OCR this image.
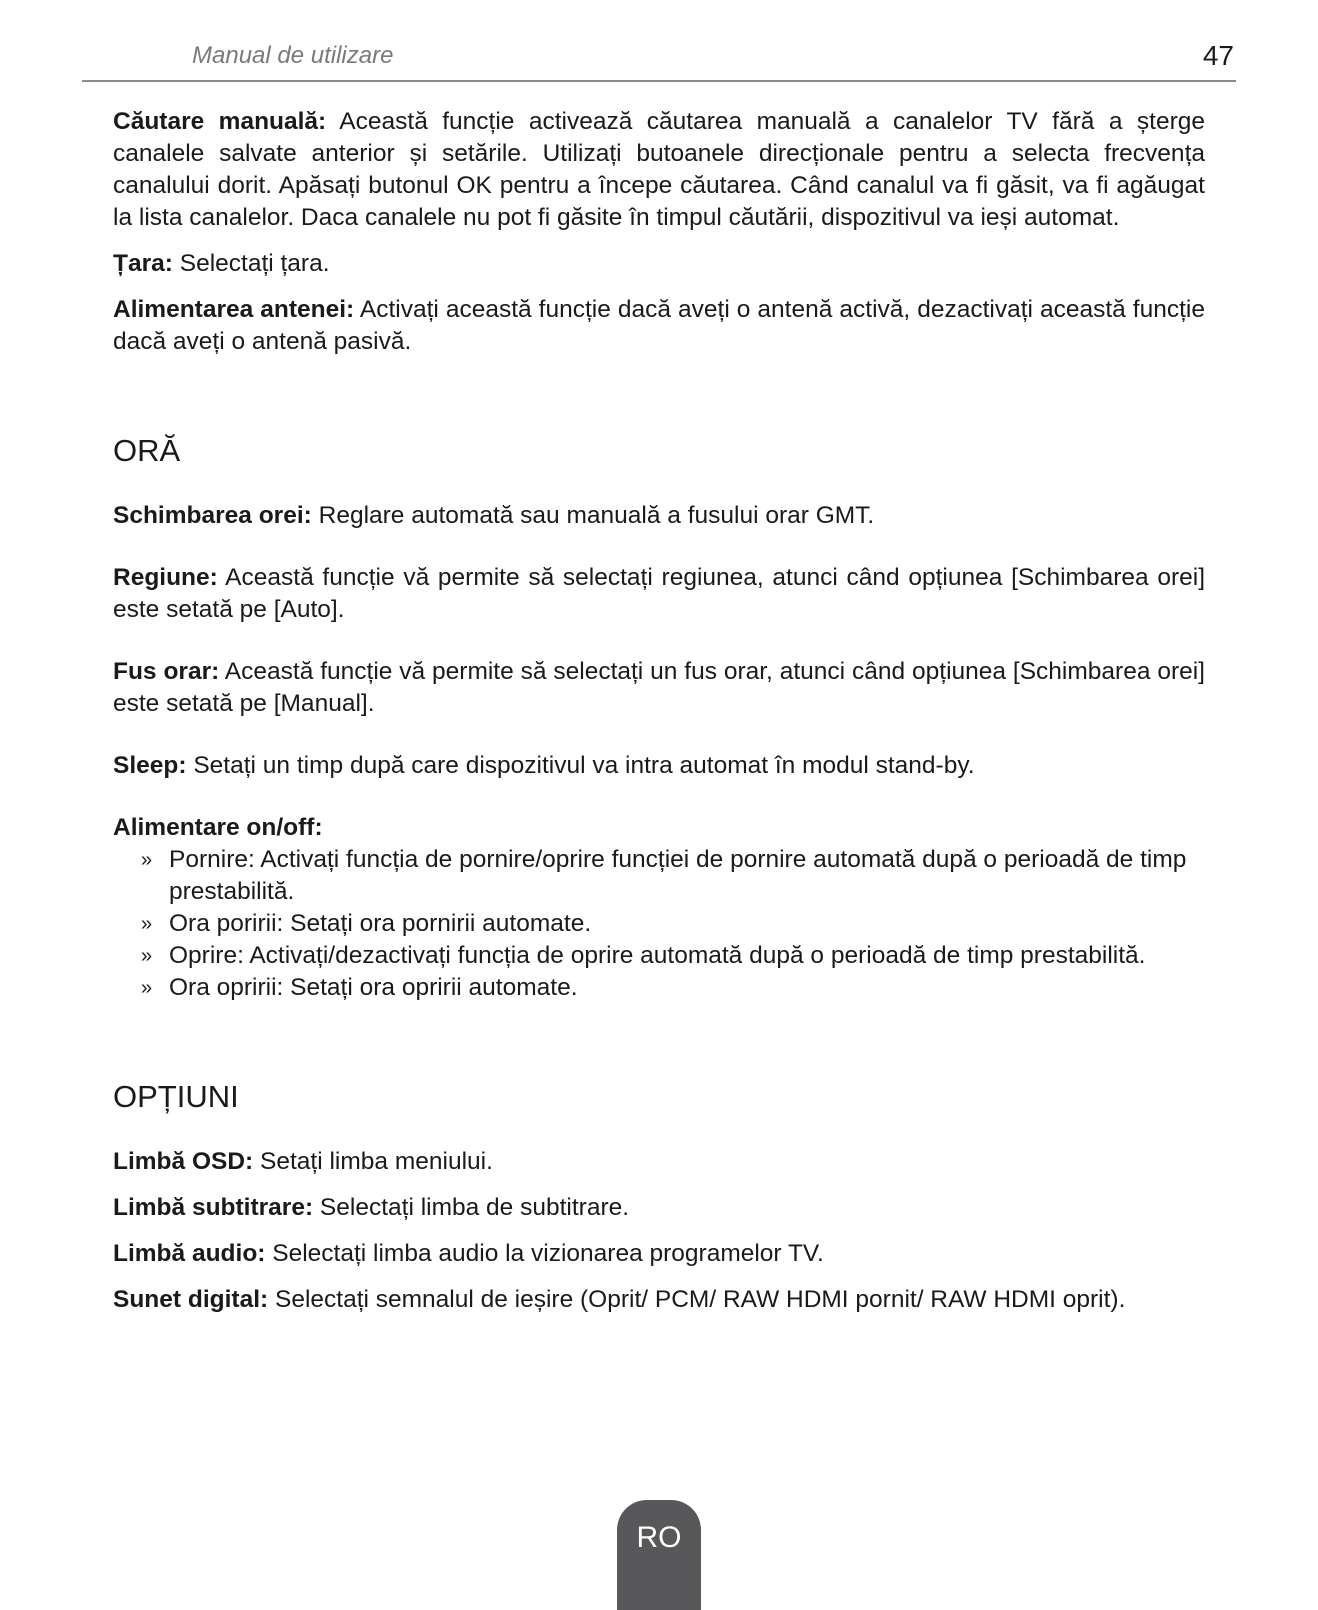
Manual de utilizare	47

Căutare manuală: Această funcție activează căutarea manuală a canalelor TV fără a șterge canalele salvate anterior și setările. Utilizați butoanele direcționale pentru a selecta frecvența canalului dorit. Apăsați butonul OK pentru a începe căutarea. Când canalul va fi găsit, va fi agăugat la lista canalelor. Daca canalele nu pot fi găsite în timpul căutării, dispozitivul va ieși automat.

Țara: Selectați țara.

Alimentarea antenei: Activați această funcție dacă aveți o antenă activă, dezactivați această funcție dacă aveți o antenă pasivă.

ORĂ

Schimbarea orei: Reglare automată sau manuală a fusului orar GMT.

Regiune: Această funcție vă permite să selectați regiunea, atunci când opțiunea [Schimbarea orei] este setată pe [Auto].

Fus orar: Această funcție vă permite să selectați un fus orar, atunci când opțiunea [Schimbarea orei] este setată pe [Manual].

Sleep: Setați un timp după care dispozitivul va intra automat în modul stand-by.

Alimentare on/off:

» Pornire: Activați funcția de pornire/oprire funcției de pornire automată după o perioadă de timp prestabilită.
» Ora poririi: Setați ora pornirii automate.
» Oprire: Activați/dezactivați funcția de oprire automată după o perioadă de timp prestabilită.
» Ora opririi: Setați ora opririi automate.
OPȚIUNI

Limbă OSD: Setați limba meniului.

Limbă subtitrare: Selectați limba de subtitrare.

Limbă audio: Selectați limba audio la vizionarea programelor TV.

Sunet digital: Selectați semnalul de ieșire (Oprit/ PCM/ RAW HDMI pornit/ RAW HDMI oprit).

RO
